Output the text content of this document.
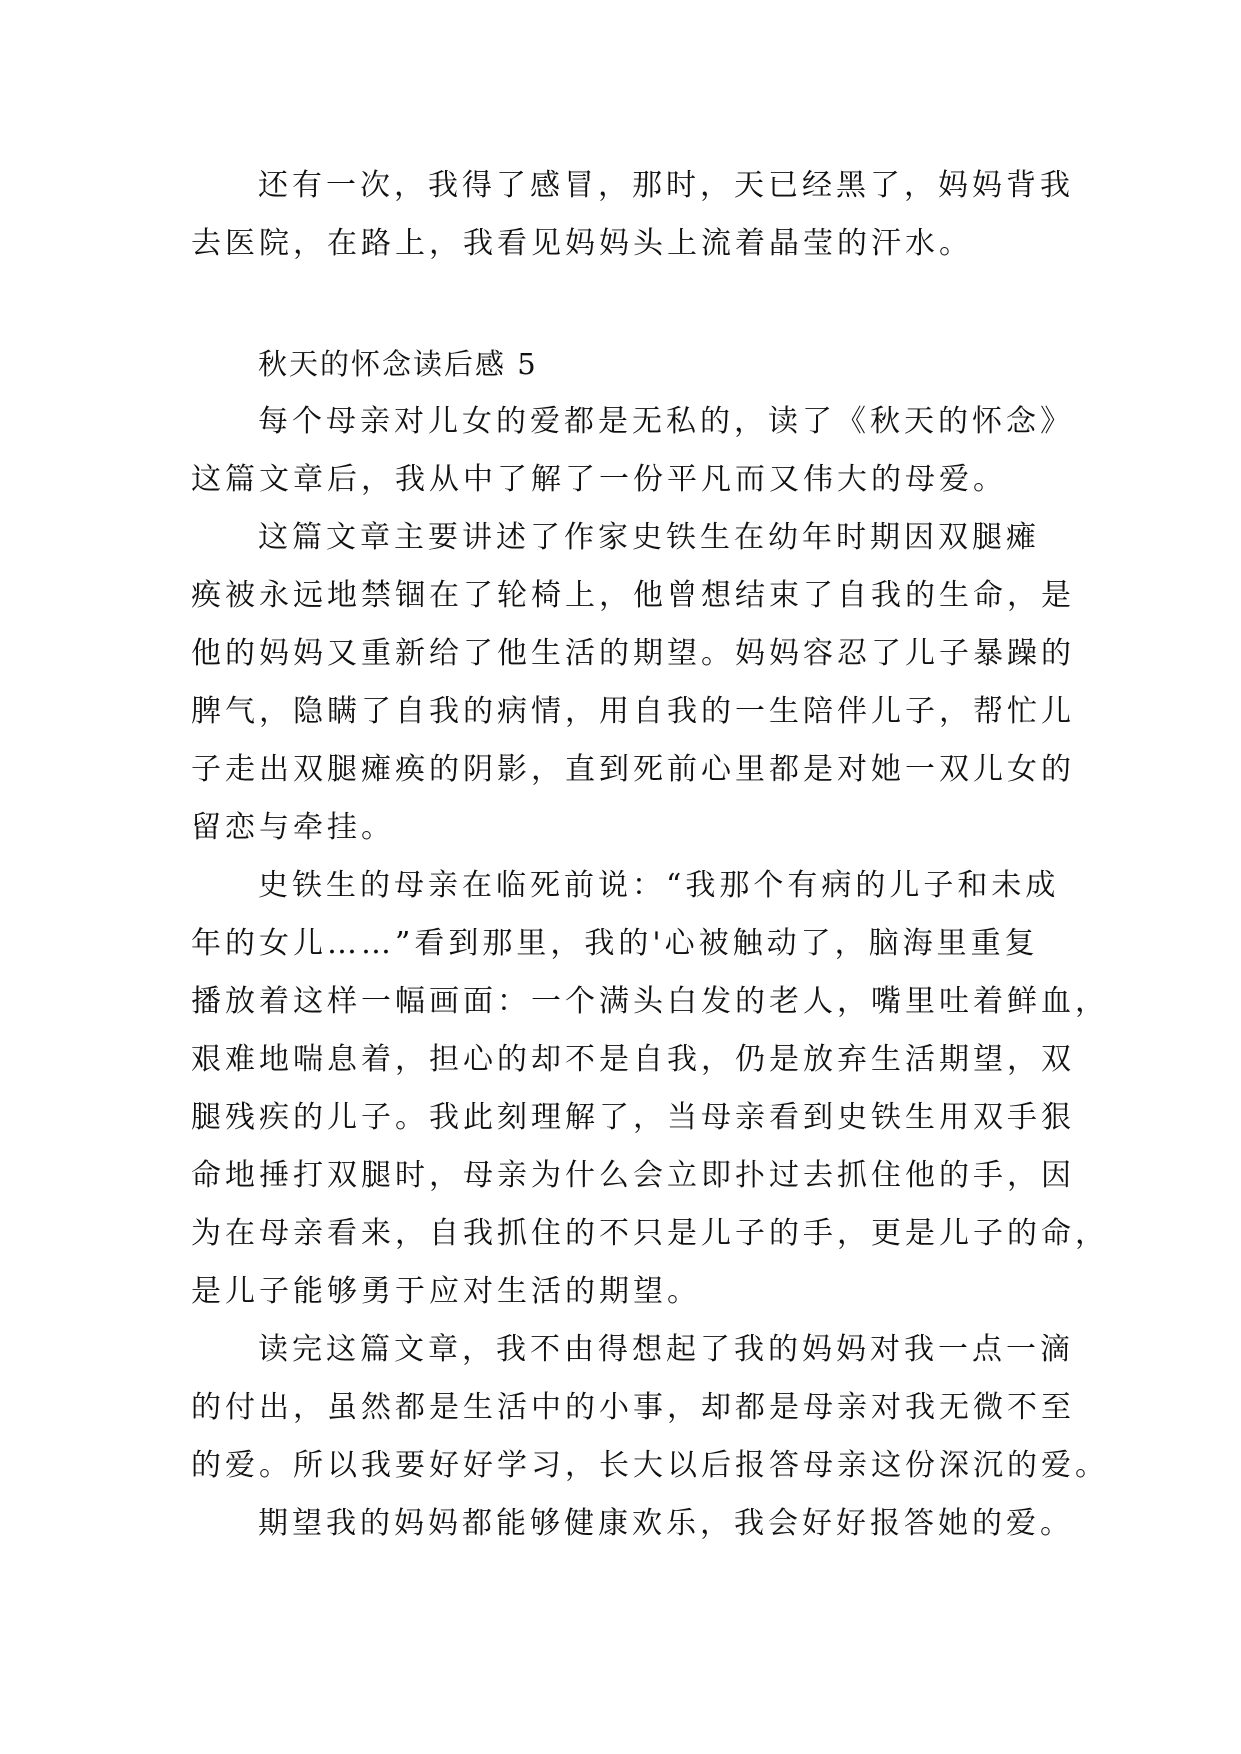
还有一次，我得了感冒，那时，天已经黑了，妈妈背我
去医院，在路上，我看见妈妈头上流着晶莹的汗水。
秋天的怀念读后感 5
每个母亲对儿女的爱都是无私的，读了《秋天的怀念》
这篇文章后，我从中了解了一份平凡而又伟大的母爱。
这篇文章主要讲述了作家史铁生在幼年时期因双腿瘫
痪被永远地禁锢在了轮椅上，他曾想结束了自我的生命，是
他的妈妈又重新给了他生活的期望。妈妈容忍了儿子暴躁的
脾气，隐瞒了自我的病情，用自我的一生陪伴儿子，帮忙儿
子走出双腿瘫痪的阴影，直到死前心里都是对她一双儿女的
留恋与牵挂。
史铁生的母亲在临死前说：“我那个有病的儿子和未成
年的女儿……”看到那里，我的'心被触动了，脑海里重复
播放着这样一幅画面：一个满头白发的老人，嘴里吐着鲜血，
艰难地喘息着，担心的却不是自我，仍是放弃生活期望，双
腿残疾的儿子。我此刻理解了，当母亲看到史铁生用双手狠
命地捶打双腿时，母亲为什么会立即扑过去抓住他的手，因
为在母亲看来，自我抓住的不只是儿子的手，更是儿子的命，
是儿子能够勇于应对生活的期望。
读完这篇文章，我不由得想起了我的妈妈对我一点一滴
的付出，虽然都是生活中的小事，却都是母亲对我无微不至
的爱。所以我要好好学习，长大以后报答母亲这份深沉的爱。
期望我的妈妈都能够健康欢乐，我会好好报答她的爱。
